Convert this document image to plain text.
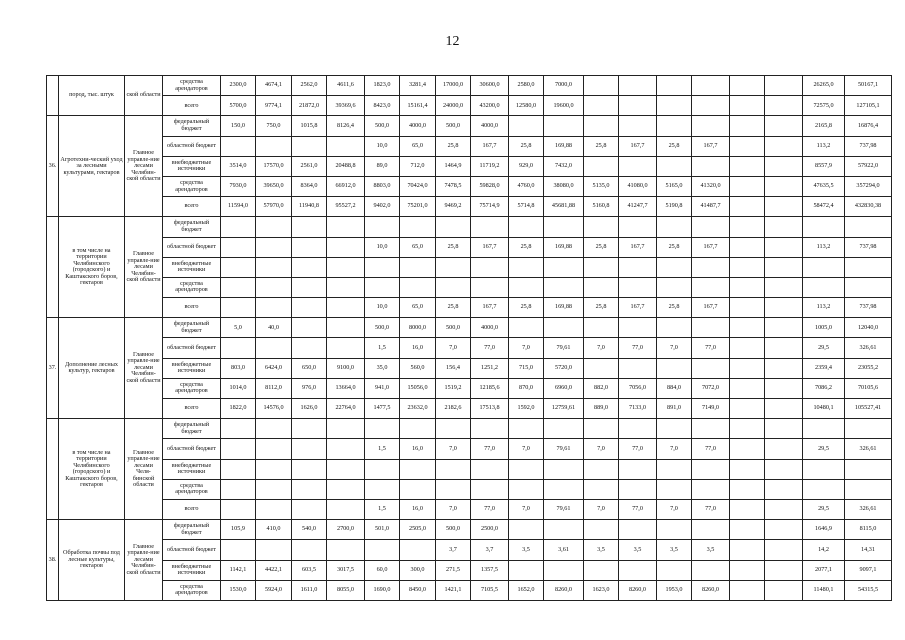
12
	пород, тыс. штук	ской области	средства арендаторов	2300,0	4674,1	2562,0	4611,6	1823,0	3281,4	17000,0	30600,0	2580,0	7000,0							26265,0	50167,1
			всего	5700,0	9774,1	21872,0	39369,6	8423,0	15161,4	24000,0	43200,0	12580,0	19600,0							72575,0	127105,1
36.	Агротехни-ческий уход за лесными культурами, гектаров	Главное управле-ние лесами Челябин-ской области	федеральный бюджет	150,0	750,0	1015,8	8126,4	500,0	4000,0	500,0	4000,0									2165,8	16876,4
			областной бюджет					10,0	65,0	25,8	167,7	25,8	169,88	25,8	167,7	25,8	167,7			113,2	737,98
			внебюджетные источники	3514,0	17570,0	2561,0	20488,8	89,0	712,0	1464,9	11719,2	929,0	7432,0							8557,9	57922,0
			средства арендаторов	7930,0	39650,0	8364,0	66912,0	8803,0	70424,0	7478,5	59828,0	4760,0	38080,0	5135,0	41080,0	5165,0	41320,0			47635,5	357294,0
			всего	11594,0	57970,0	11940,8	95527,2	9402,0	75201,0	9469,2	75714,9	5714,8	45681,88	5160,8	41247,7	5190,8	41487,7			58472,4	432830,38
	в том числе на территории Челябинского (городского) и Каштакского боров, гектаров	Главное управле-ние лесами Челябин-ской области	федеральный бюджет																		
			областной бюджет					10,0	65,0	25,8	167,7	25,8	169,88	25,8	167,7	25,8	167,7			113,2	737,98
			внебюджетные источники																		
			средства арендаторов																		
			всего					10,0	65,0	25,8	167,7	25,8	169,88	25,8	167,7	25,8	167,7			113,2	737,98
37.	Дополнение лесных культур, гектаров	Главное управле-ние лесами Челябин-ской области	федеральный бюджет	5,0	40,0			500,0	8000,0	500,0	4000,0									1005,0	12040,0
			областной бюджет					1,5	16,0	7,0	77,0	7,0	79,61	7,0	77,0	7,0	77,0			29,5	326,61
			внебюджетные источники	803,0	6424,0	650,0	9100,0	35,0	560,0	156,4	1251,2	715,0	5720,0							2359,4	23055,2
			средства арендаторов	1014,0	8112,0	976,0	13664,0	941,0	15056,0	1519,2	12185,6	870,0	6960,0	882,0	7056,0	884,0	7072,0			7086,2	70105,6
			всего	1822,0	14576,0	1626,0	22764,0	1477,5	23632,0	2182,6	17513,8	1592,0	12759,61	889,0	7133,0	891,0	7149,0			10480,1	105527,41
	в том числе на территории Челябинского (городского) и Каштакского боров, гектаров	Главное управле-ние лесами Челя-бинской области	федеральный бюджет																		
			областной бюджет					1,5	16,0	7,0	77,0	7,0	79,61	7,0	77,0	7,0	77,0			29,5	326,61
			внебюджетные источники																		
			средства арендаторов																		
			всего					1,5	16,0	7,0	77,0	7,0	79,61	7,0	77,0	7,0	77,0			29,5	326,61
38.	Обработка почвы под лесные культуры, гектаров	Главное управле-ние лесами Челябин-ской области	федеральный бюджет	105,9	410,0	540,0	2700,0	501,0	2505,0	500,0	2500,0									1646,9	8115,0
			областной бюджет							3,7	3,7	3,5	3,61	3,5	3,5	3,5	3,5			14,2	14,31
			внебюджетные источники	1142,1	4422,1	603,5	3017,5	60,0	300,0	271,5	1357,5									2077,1	9097,1
			средства арендаторов	1530,0	5924,0	1611,0	8055,0	1690,0	8450,0	1421,1	7105,5	1652,0	8260,0	1623,0	8260,0	1953,0	8260,0			11480,1	54315,5
